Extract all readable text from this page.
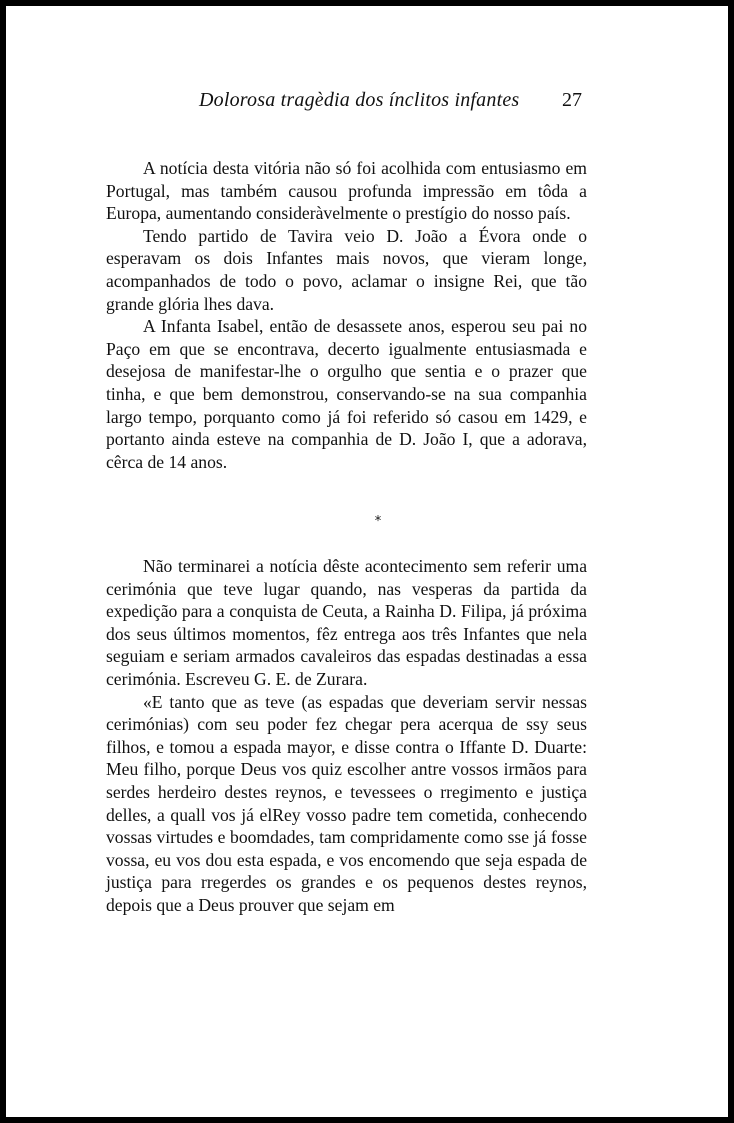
Dolorosa tragèdia dos ínclitos infantes 27

A notícia desta vitória não só foi acolhida com entusiasmo em Portugal, mas também causou profunda impressão em tôda a Europa, aumentando consideràvelmente o prestígio do nosso país.

Tendo partido de Tavira veio D. João a Évora onde o esperavam os dois Infantes mais novos, que vieram longe, acompanhados de todo o povo, aclamar o insigne Rei, que tão grande glória lhes dava.

A Infanta Isabel, então de desassete anos, esperou seu pai no Paço em que se encontrava, decerto igualmente entusiasmada e desejosa de manifestar-lhe o orgulho que sentia e o prazer que tinha, e que bem demonstrou, conservando-se na sua companhia largo tempo, porquanto como já foi referido só casou em 1429, e portanto ainda esteve na companhia de D. João I, que a adorava, cêrca de 14 anos.

*

Não terminarei a notícia dêste acontecimento sem referir uma cerimónia que teve lugar quando, nas vesperas da partida da expedição para a conquista de Ceuta, a Rainha D. Filipa, já próxima dos seus últimos momentos, fêz entrega aos três Infantes que nela seguiam e seriam armados cavaleiros das espadas destinadas a essa cerimónia. Escreveu G. E. de Zurara.

«E tanto que as teve (as espadas que deveriam servir nessas cerimónias) com seu poder fez chegar pera acerqua de ssy seus filhos, e tomou a espada mayor, e disse contra o Iffante D. Duarte: Meu filho, porque Deus vos quiz escolher antre vossos irmãos para serdes herdeiro destes reynos, e tevessees o rregimento e justiça delles, a quall vos já elRey vosso padre tem cometida, conhecendo vossas virtudes e boomdades, tam compridamente como sse já fosse vossa, eu vos dou esta espada, e vos encomendo que seja espada de justiça para rregerdes os grandes e os pequenos destes reynos, depois que a Deus prouver que sejam em
